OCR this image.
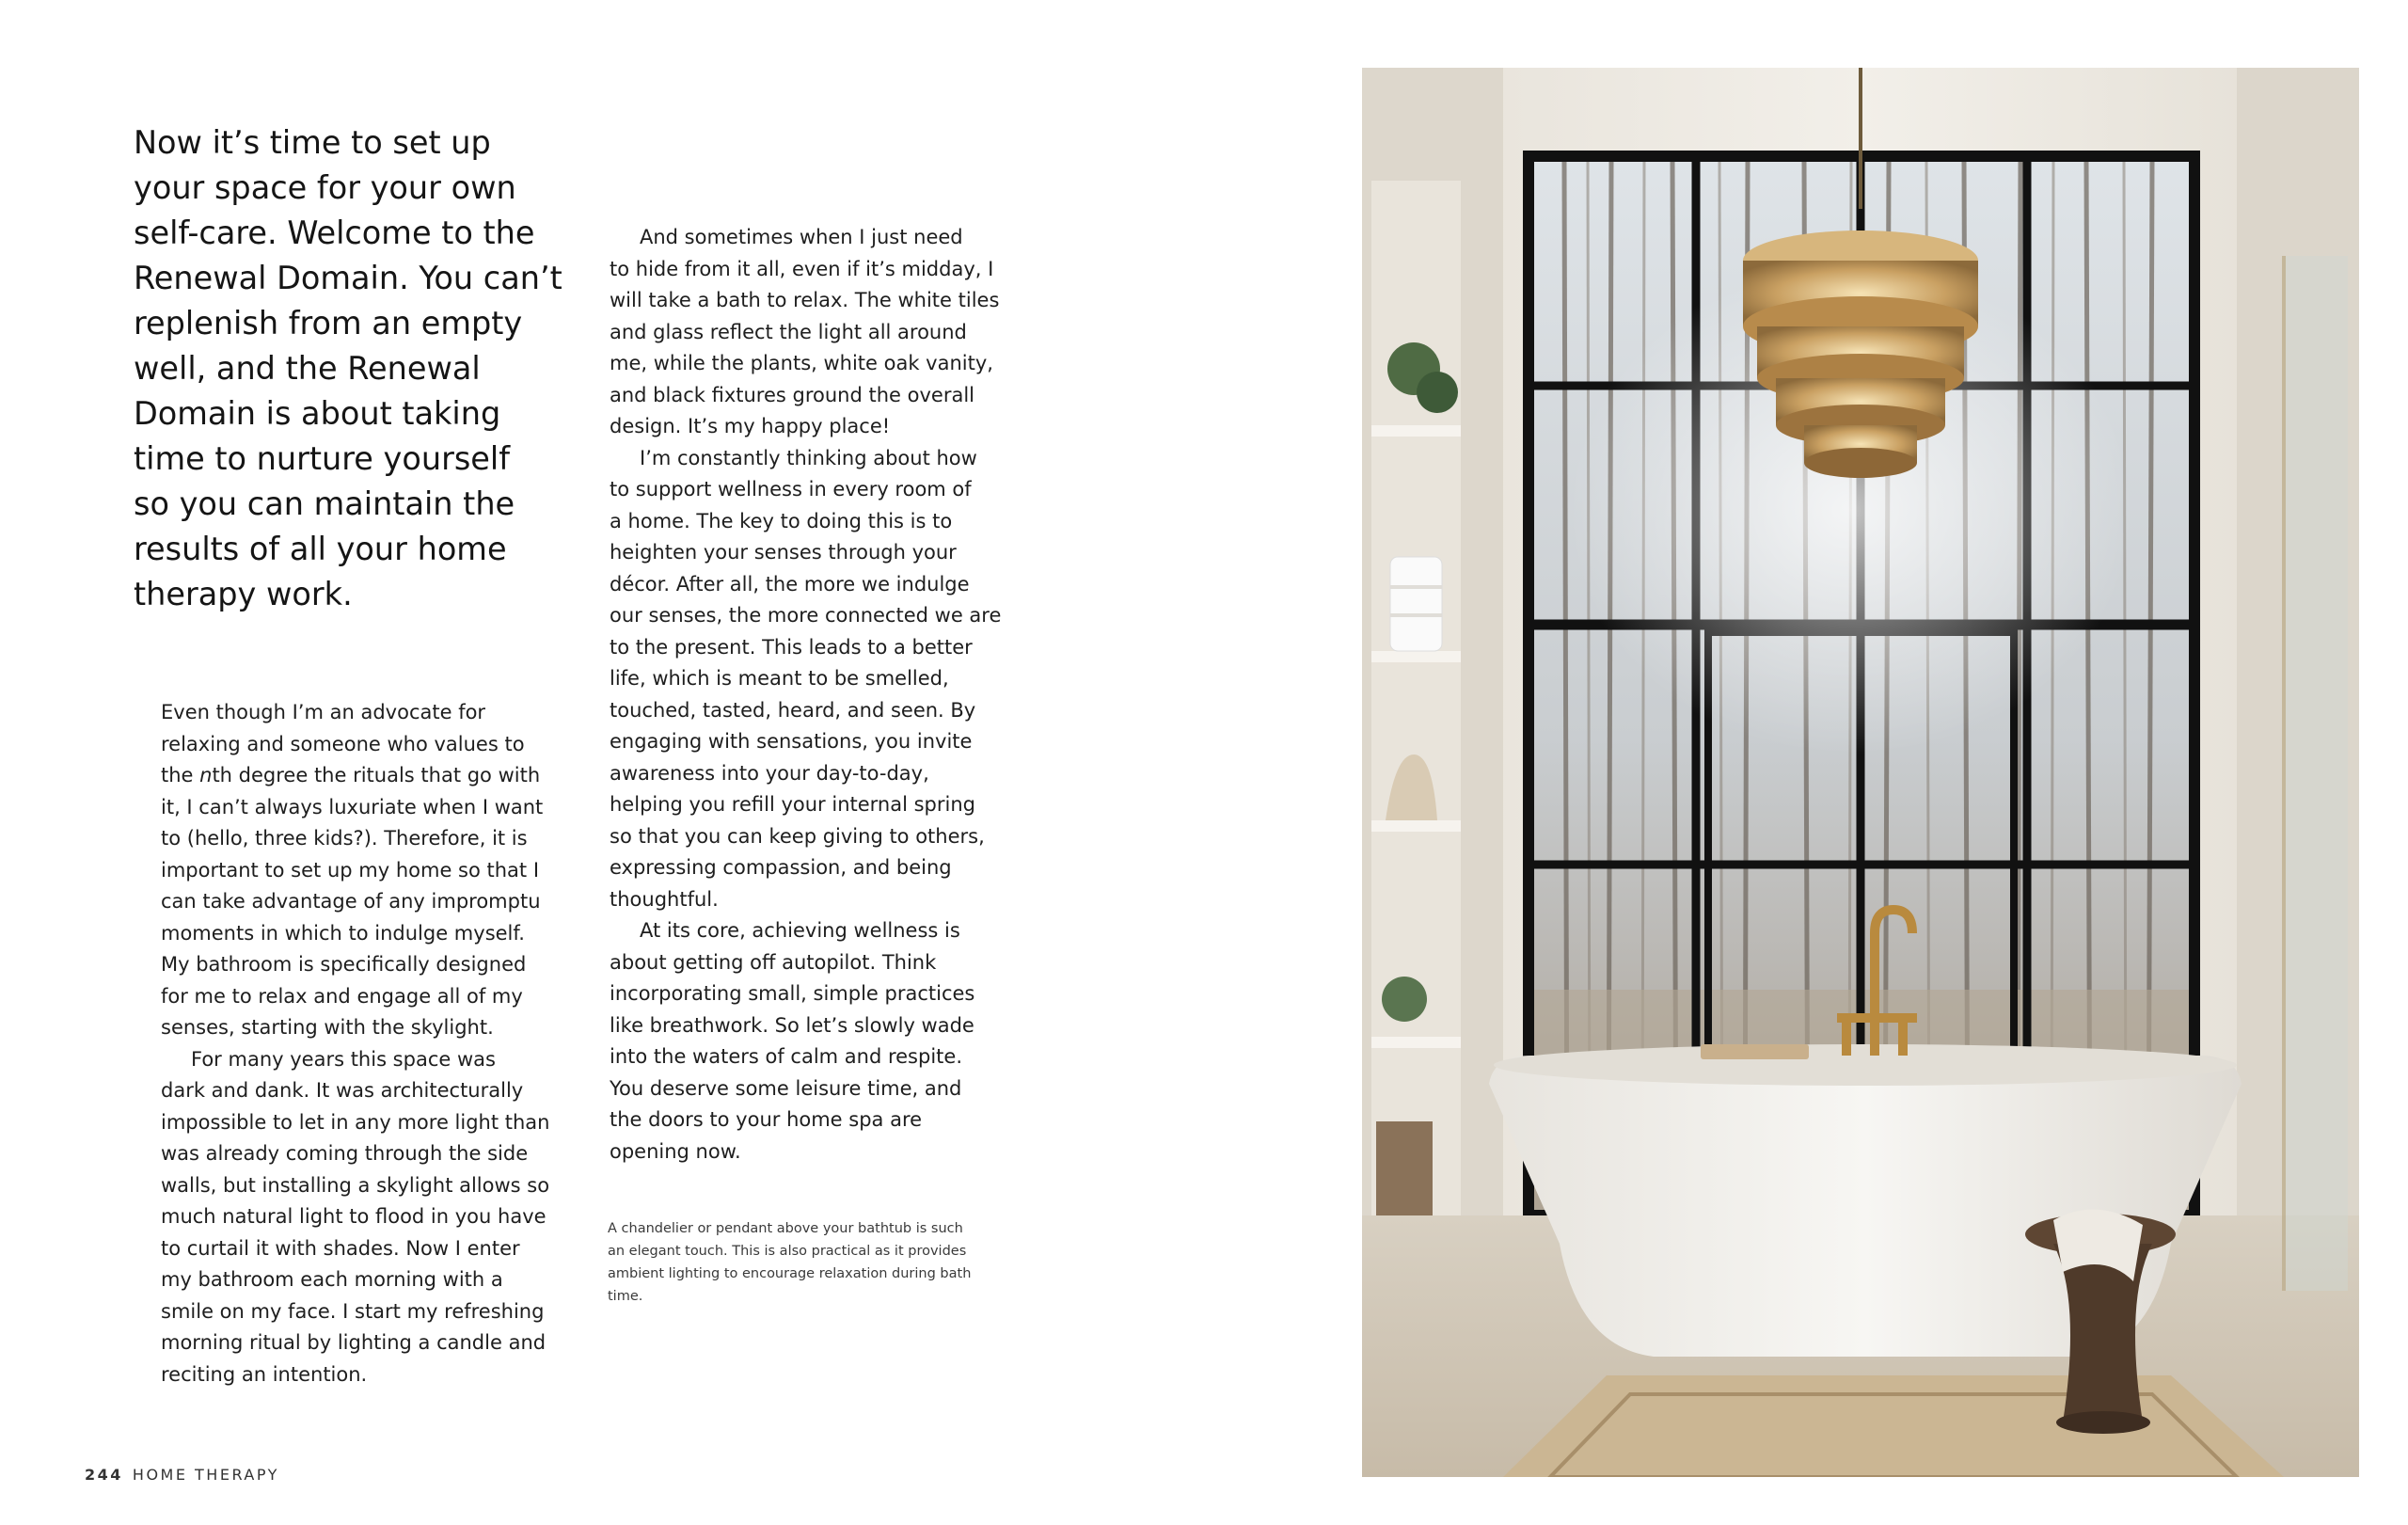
Now it’s time to set up
your space for your own
self-care. Welcome to the
Renewal Domain. You can’t
replenish from an empty
well, and the Renewal
Domain is about taking
time to nurture yourself
so you can maintain the
results of all your home
therapy work.

Even though I’m an advocate for
relaxing and someone who values to
the nth degree the rituals that go with
it, I can’t always luxuriate when I want
to (hello, three kids?). Therefore, it is
important to set up my home so that I
can take advantage of any impromptu
moments in which to indulge myself.
My bathroom is specifically designed
for me to relax and engage all of my
senses, starting with the skylight.

For many years this space was
dark and dank. It was architecturally
impossible to let in any more light than
was already coming through the side
walls, but installing a skylight allows so
much natural light to flood in you have
to curtail it with shades. Now I enter
my bathroom each morning with a
smile on my face. I start my refreshing
morning ritual by lighting a candle and
reciting an intention.

And sometimes when I just need
to hide from it all, even if it’s midday, I
will take a bath to relax. The white tiles
and glass reflect the light all around
me, while the plants, white oak vanity,
and black fixtures ground the overall
design. It’s my happy place!

I’m constantly thinking about how
to support wellness in every room of
a home. The key to doing this is to
heighten your senses through your
décor. After all, the more we indulge
our senses, the more connected we are
to the present. This leads to a better
life, which is meant to be smelled,
touched, tasted, heard, and seen. By
engaging with sensations, you invite
awareness into your day-to-day,
helping you refill your internal spring
so that you can keep giving to others,
expressing compassion, and being
thoughtful.

At its core, achieving wellness is
about getting off autopilot. Think
incorporating small, simple practices
like breathwork. So let’s slowly wade
into the waters of calm and respite.
You deserve some leisure time, and
the doors to your home spa are
opening now.

A chandelier or pendant above your bathtub is such
an elegant touch. This is also practical as it provides
ambient lighting to encourage relaxation during bath
time.
244 HOME THERAPY
